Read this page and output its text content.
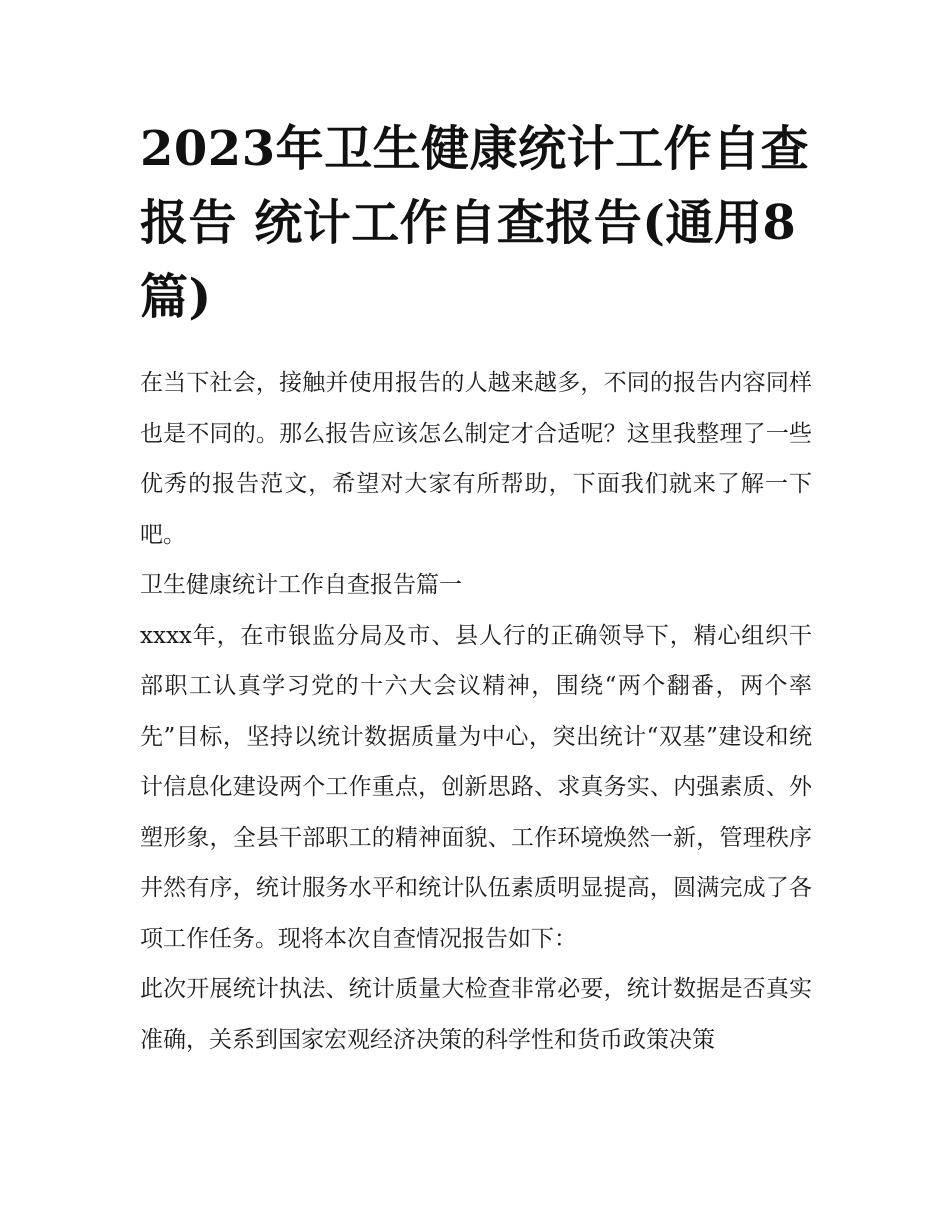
2023年卫生健康统计工作自查报告 统计工作自查报告(通用8篇)

在当下社会，接触并使用报告的人越来越多，不同的报告内容同样也是不同的。那么报告应该怎么制定才合适呢？这里我整理了一些优秀的报告范文，希望对大家有所帮助，下面我们就来了解一下吧。

卫生健康统计工作自查报告篇一

xxxx年，在市银监分局及市、县人行的正确领导下，精心组织干部职工认真学习党的十六大会议精神，围绕“两个翻番，两个率先”目标，坚持以统计数据质量为中心，突出统计“双基”建设和统计信息化建设两个工作重点，创新思路、求真务实、内强素质、外塑形象，全县干部职工的精神面貌、工作环境焕然一新，管理秩序井然有序，统计服务水平和统计队伍素质明显提高，圆满完成了各项工作任务。现将本次自查情况报告如下：

此次开展统计执法、统计质量大检查非常必要，统计数据是否真实准确，关系到国家宏观经济决策的科学性和货币政策决策
